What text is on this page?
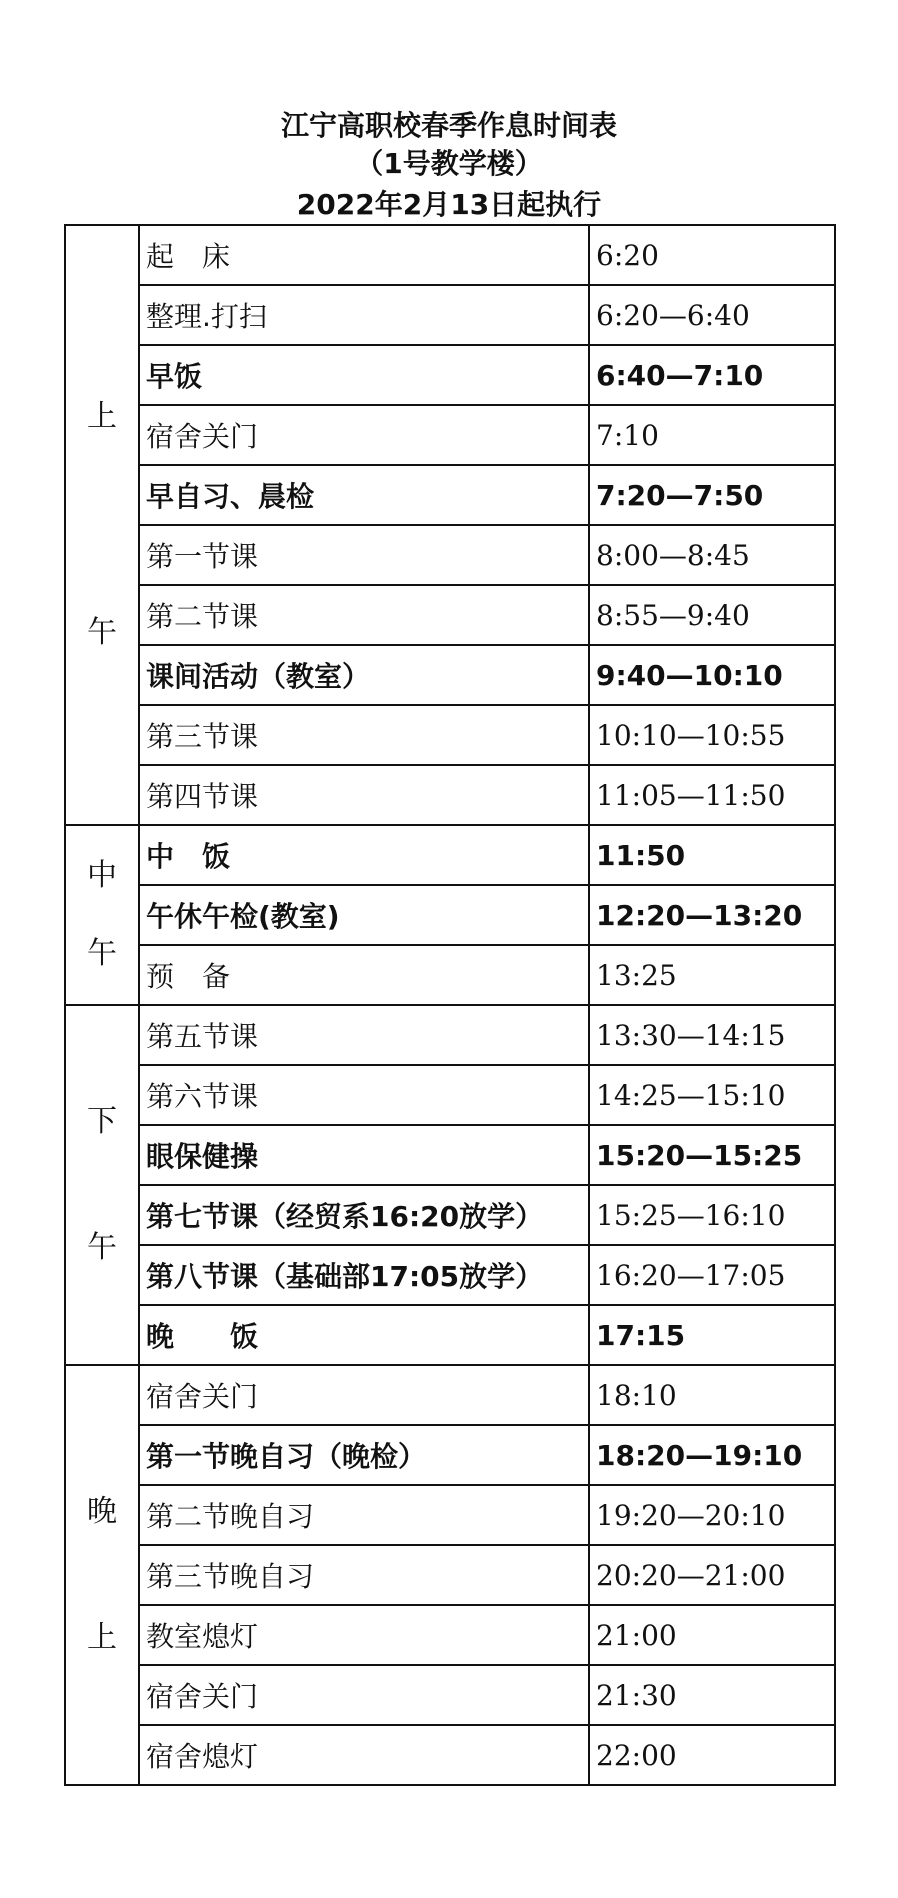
江宁高职校春季作息时间表
（1号教学楼）
2022年2月13日起执行
上
午	起　床	6:20
	整理.打扫	6:20—6:40
	早饭	6:40—7:10
	宿舍关门	7:10
	早自习、晨检	7:20—7:50
	第一节课	8:00—8:45
	第二节课	8:55—9:40
	课间活动（教室）	9:40—10:10
	第三节课	10:10—10:55
	第四节课	11:05—11:50

中
午	中　饭	11:50
	午休午检(教室)	12:20—13:20
	预　备	13:25

下
午	第五节课	13:30—14:15
	第六节课	14:25—15:10
	眼保健操	15:20—15:25
	第七节课（经贸系16:20放学）	15:25—16:10
	第八节课（基础部17:05放学）	16:20—17:05
	晚　　饭	17:15

晚
上	宿舍关门	18:10
	第一节晚自习（晚检）	18:20—19:10
	第二节晚自习	19:20—20:10
	第三节晚自习	20:20—21:00
	教室熄灯	21:00
	宿舍关门	21:30
	宿舍熄灯	22:00
